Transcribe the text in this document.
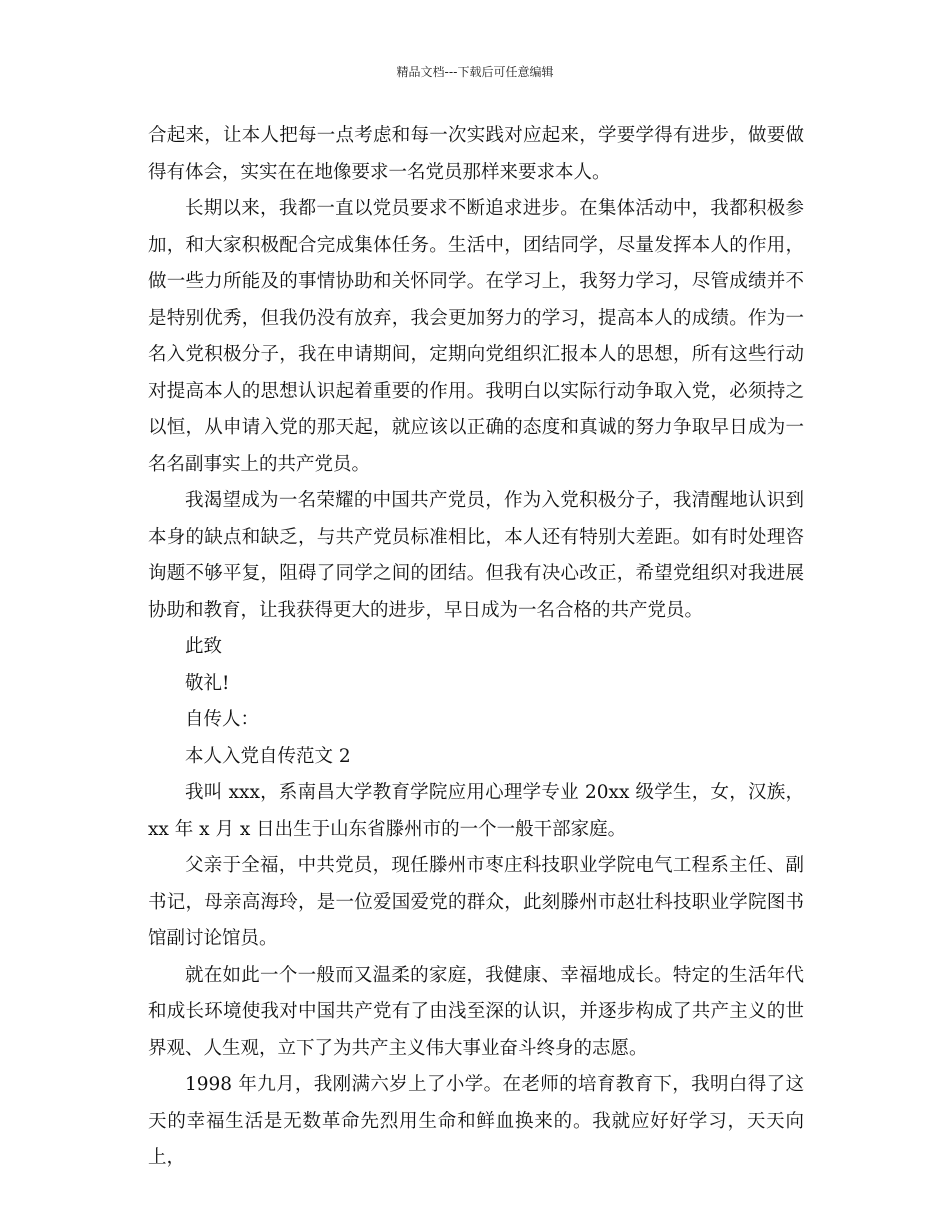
精品文档---下载后可任意编辑

合起来，让本人把每一点考虑和每一次实践对应起来，学要学得有进步，做要做得有体会，实实在在地像要求一名党员那样来要求本人。

长期以来，我都一直以党员要求不断追求进步。在集体活动中，我都积极参加，和大家积极配合完成集体任务。生活中，团结同学，尽量发挥本人的作用，做一些力所能及的事情协助和关怀同学。在学习上，我努力学习，尽管成绩并不是特别优秀，但我仍没有放弃，我会更加努力的学习，提高本人的成绩。作为一名入党积极分子，我在申请期间，定期向党组织汇报本人的思想，所有这些行动对提高本人的思想认识起着重要的作用。我明白以实际行动争取入党，必须持之以恒，从申请入党的那天起，就应该以正确的态度和真诚的努力争取早日成为一名名副事实上的共产党员。

我渴望成为一名荣耀的中国共产党员，作为入党积极分子，我清醒地认识到本身的缺点和缺乏，与共产党员标准相比，本人还有特别大差距。如有时处理咨询题不够平复，阻碍了同学之间的团结。但我有决心改正，希望党组织对我进展协助和教育，让我获得更大的进步，早日成为一名合格的共产党员。

此致

敬礼!

自传人：

本人入党自传范文 2

我叫 xxx，系南昌大学教育学院应用心理学专业 20xx 级学生，女，汉族，xx 年 x 月 x 日出生于山东省滕州市的一个一般干部家庭。

父亲于全福，中共党员，现任滕州市枣庄科技职业学院电气工程系主任、副书记，母亲高海玲，是一位爱国爱党的群众，此刻滕州市赵壮科技职业学院图书馆副讨论馆员。

就在如此一个一般而又温柔的家庭，我健康、幸福地成长。特定的生活年代和成长环境使我对中国共产党有了由浅至深的认识，并逐步构成了共产主义的世界观、人生观，立下了为共产主义伟大事业奋斗终身的志愿。

1998 年九月，我刚满六岁上了小学。在老师的培育教育下，我明白得了这天的幸福生活是无数革命先烈用生命和鲜血换来的。我就应好好学习，天天向上，
